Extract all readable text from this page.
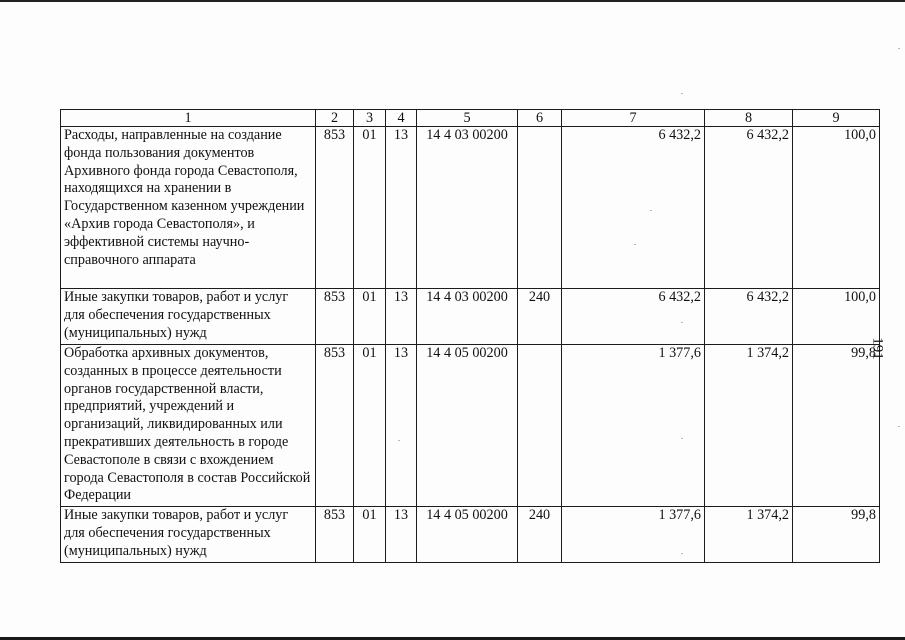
1	2	3	4	5	6	7	8	9
Расходы, направленные на создание фонда пользования документов Архивного фонда города Севастополя, находящихся на хранении в Государственном казенном учреждении «Архив города Севастополя», и эффективной системы научно-справочного аппарата	853	01	13	14 4 03 00200		6 432,2	6 432,2	100,0
Иные закупки товаров, работ и услуг для обеспечения государственных (муниципальных) нужд	853	01	13	14 4 03 00200	240	6 432,2	6 432,2	100,0
Обработка архивных документов, созданных в процессе деятельности органов государственной власти, предприятий, учреждений и организаций, ликвидированных или прекративших деятельность в городе Севастополе в связи с вхождением города Севастополя в состав Российской Федерации	853	01	13	14 4 05 00200		1 377,6	1 374,2	99,8
Иные закупки товаров, работ и услуг для обеспечения государственных (муниципальных) нужд	853	01	13	14 4 05 00200	240	1 377,6	1 374,2	99,8
191
